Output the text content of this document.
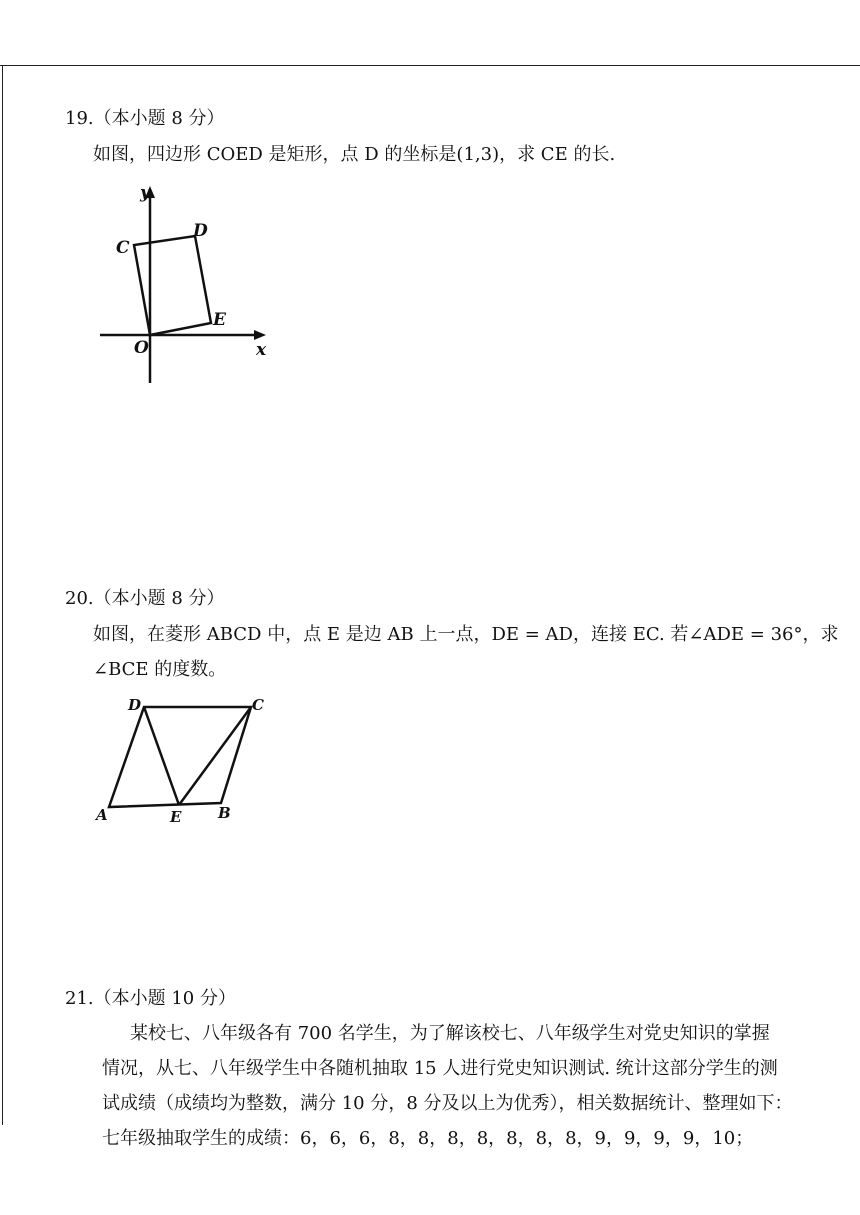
19.（本小题 8 分）
如图，四边形 COED 是矩形，点 D 的坐标是(1,3)，求 CE 的长.
y
x
O
C
D
E
20.（本小题 8 分）
如图，在菱形 ABCD 中，点 E 是边 AB 上一点，DE = AD，连接 EC. 若∠ADE = 36°，求
∠BCE 的度数。
D	C
A	E B
21.（本小题 10 分）
某校七、八年级各有 700 名学生，为了解该校七、八年级学生对党史知识的掌握
情况，从七、八年级学生中各随机抽取 15 人进行党史知识测试. 统计这部分学生的测
试成绩（成绩均为整数，满分 10 分，8 分及以上为优秀），相关数据统计、整理如下：
七年级抽取学生的成绩：6，6，6，8，8，8，8，8，8，8，9，9，9，9，10；
